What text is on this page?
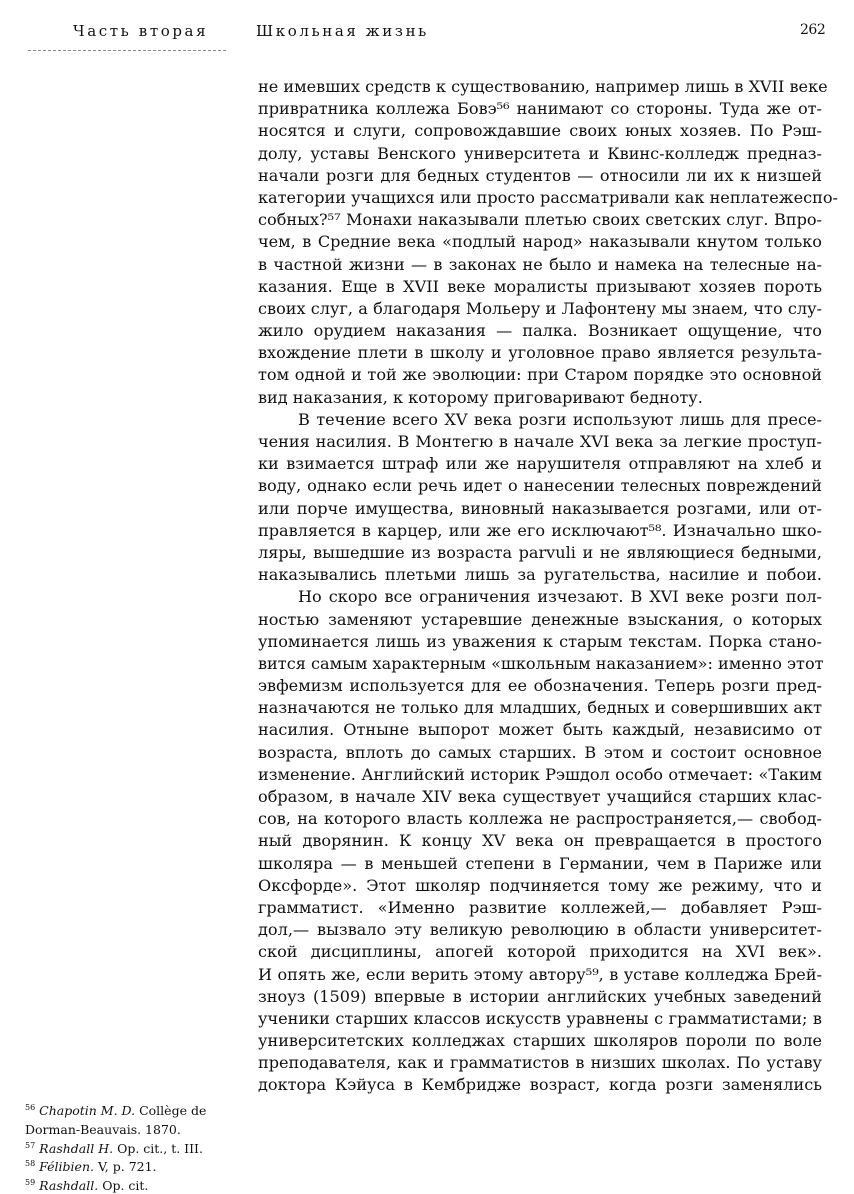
Часть вторая	Школьная жизнь	262
не имевших средств к существованию, например лишь в XVII веке
привратника коллежа Бовэ⁵⁶ нанимают со стороны. Туда же от-
носятся и слуги, сопровождавшие своих юных хозяев. По Рэш-
долу, уставы Венского университета и Квинс-колледж предназ-
начали розги для бедных студентов — относили ли их к низшей
категории учащихся или просто рассматривали как неплатежеспо-
собных?⁵⁷ Монахи наказывали плетью своих светских слуг. Впро-
чем, в Средние века «подлый народ» наказывали кнутом только
в частной жизни — в законах не было и намека на телесные на-
казания. Еще в XVII веке моралисты призывают хозяев пороть
своих слуг, а благодаря Мольеру и Лафонтену мы знаем, что слу-
жило орудием наказания — палка. Возникает ощущение, что
вхождение плети в школу и уголовное право является результа-
том одной и той же эволюции: при Старом порядке это основной
вид наказания, к которому приговаривают бедноту.
В течение всего XV века розги используют лишь для пресе-
чения насилия. В Монтегю в начале XVI века за легкие проступ-
ки взимается штраф или же нарушителя отправляют на хлеб и
воду, однако если речь идет о нанесении телесных повреждений
или порче имущества, виновный наказывается розгами, или от-
правляется в карцер, или же его исключают⁵⁸. Изначально шко-
ляры, вышедшие из возраста parvuli и не являющиеся бедными,
наказывались плетьми лишь за ругательства, насилие и побои.
Но скоро все ограничения изчезают. В XVI веке розги пол-
ностью заменяют устаревшие денежные взыскания, о которых
упоминается лишь из уважения к старым текстам. Порка стано-
вится самым характерным «школьным наказанием»: именно этот
эвфемизм используется для ее обозначения. Теперь розги пред-
назначаются не только для младших, бедных и совершивших акт
насилия. Отныне выпорот может быть каждый, независимо от
возраста, вплоть до самых старших. В этом и состоит основное
изменение. Английский историк Рэшдол особо отмечает: «Таким
образом, в начале XIV века существует учащийся старших клас-
сов, на которого власть коллежа не распространяется,— свобод-
ный дворянин. К концу XV века он превращается в простого
школяра — в меньшей степени в Германии, чем в Париже или
Оксфорде». Этот школяр подчиняется тому же режиму, что и
грамматист. «Именно развитие коллежей,— добавляет Рэш-
дол,— вызвало эту великую революцию в области университет-
ской дисциплины, апогей которой приходится на XVI век».
И опять же, если верить этому автору⁵⁹, в уставе колледжа Брей-
зноуз (1509) впервые в истории английских учебных заведений
ученики старших классов искусств уравнены с грамматистами; в
университетских колледжах старших школяров пороли по воле
преподавателя, как и грамматистов в низших школах. По уставу
доктора Кэйуса в Кембридже возраст, когда розги заменялись
$^{56}$ Chapotin M. D. Collège de
Dorman-Beauvais. 1870.
$^{57}$ Rashdall H. Op. cit., t. III.
$^{58}$ Félibien. V, p. 721.
$^{59}$ Rashdall. Op. cit.
